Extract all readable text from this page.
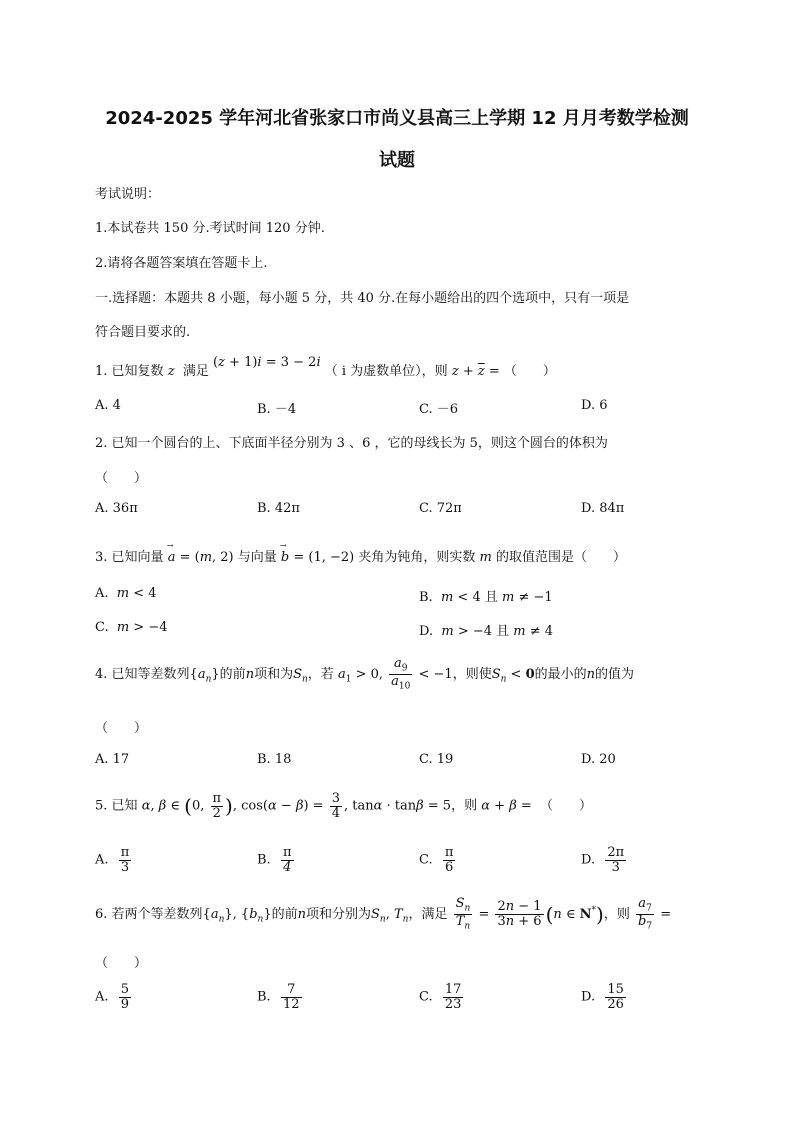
2024-2025 学年河北省张家口市尚义县高三上学期 12 月月考数学检测
试题
考试说明：
1.本试卷共 150 分.考试时间 120 分钟.
2.请将各题答案填在答题卡上.
一.选择题：本题共 8 小题，每小题 5 分，共 40 分.在每小题给出的四个选项中，只有一项是
符合题目要求的.
1. 已知复数 z 满足 (z + 1)i = 3 − 2i （ i 为虚数单位），则 $z + \overline{z}$ = （　　）
A. 4	B. －4	C. －6	D. 6
2. 已知一个圆台的上、下底面半径分别为 3 、6 ，它的母线长为 5，则这个圆台的体积为
（　　）
A. 36π	B. 42π	C. 72π	D. 84π
3. 已知向量 → a = (m, 2) 与向量 → b = (1, −2) 夹角为钝角，则实数 m 的取值范围是（　　）
A. m < 4	B. m < 4 且 m ≠ −1
C. m > −4	D. m > −4 且 m ≠ 4
4. 已知等差数列$\{a_n\}$的前n项和为$S_n$，若 $a_1 > 0$, $\frac{a_9}{a_{10}} < -1$，则使$S_n < 0$的最小的n的值为
（　　）
A. 17	B. 18	C. 19	D. 20
5. 已知 α, β ∈ (0, $\frac{\pi}{2}$ ), $\cos(\alpha - \beta) = \frac{3}{4}$ , tanα · tanβ = 5，则 α + β =  （　　）
A. $\frac{\pi}{3}$	B. $\frac{\pi}{4}$	C. $\frac{\pi}{6}$	D. $\frac{2\pi}{3}$
6. 若两个等差数列$\{a_n\}$, $\{b_n\}$的前n项和分别为$S_n$, $T_n$，满足 $\frac{S_n}{T_n} = \frac{2n - 1}{3n + 6} (n$ ∈ N*)，则 $\frac{a_7}{b_7}$ =
（　　）
A. $\frac{5}{9}$	B. $\frac{7}{12}$	C. $\frac{17}{23}$	D. $\frac{15}{26}$
